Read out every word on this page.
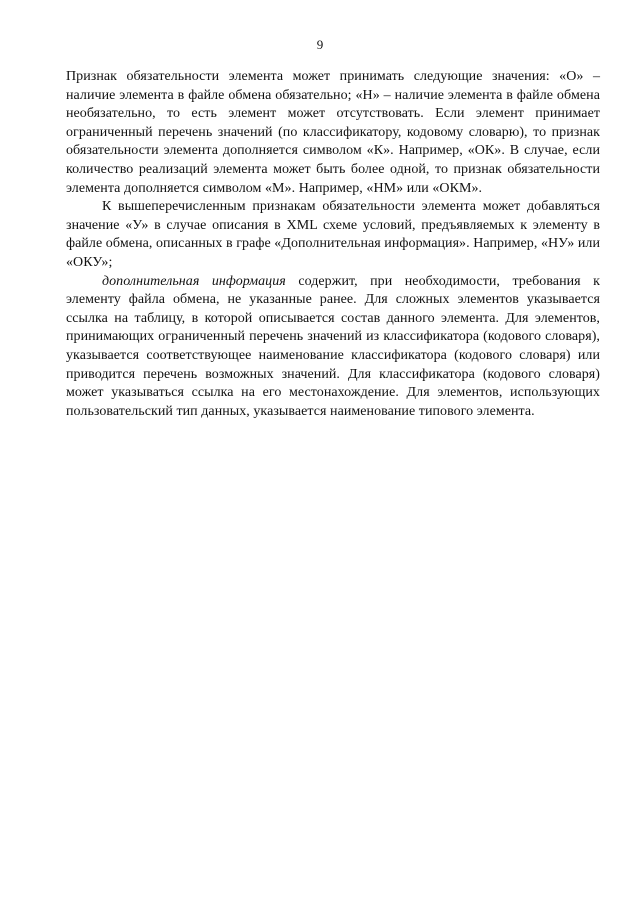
9

Признак обязательности элемента может принимать следующие значения: «О» – наличие элемента в файле обмена обязательно; «Н» – наличие элемента в файле обмена необязательно, то есть элемент может отсутствовать. Если элемент принимает ограниченный перечень значений (по классификатору, кодовому словарю), то признак обязательности элемента дополняется символом «К». Например, «ОК». В случае, если количество реализаций элемента может быть более одной, то признак обязательности элемента дополняется символом «М». Например, «НМ» или «ОКМ».

К вышеперечисленным признакам обязательности элемента может добавляться значение «У» в случае описания в XML схеме условий, предъявляемых к элементу в файле обмена, описанных в графе «Дополнительная информация». Например, «НУ» или «ОКУ»;

дополнительная информация содержит, при необходимости, требования к элементу файла обмена, не указанные ранее. Для сложных элементов указывается ссылка на таблицу, в которой описывается состав данного элемента. Для элементов, принимающих ограниченный перечень значений из классификатора (кодового словаря), указывается соответствующее наименование классификатора (кодового словаря) или приводится перечень возможных значений. Для классификатора (кодового словаря) может указываться ссылка на его местонахождение. Для элементов, использующих пользовательский тип данных, указывается наименование типового элемента.
